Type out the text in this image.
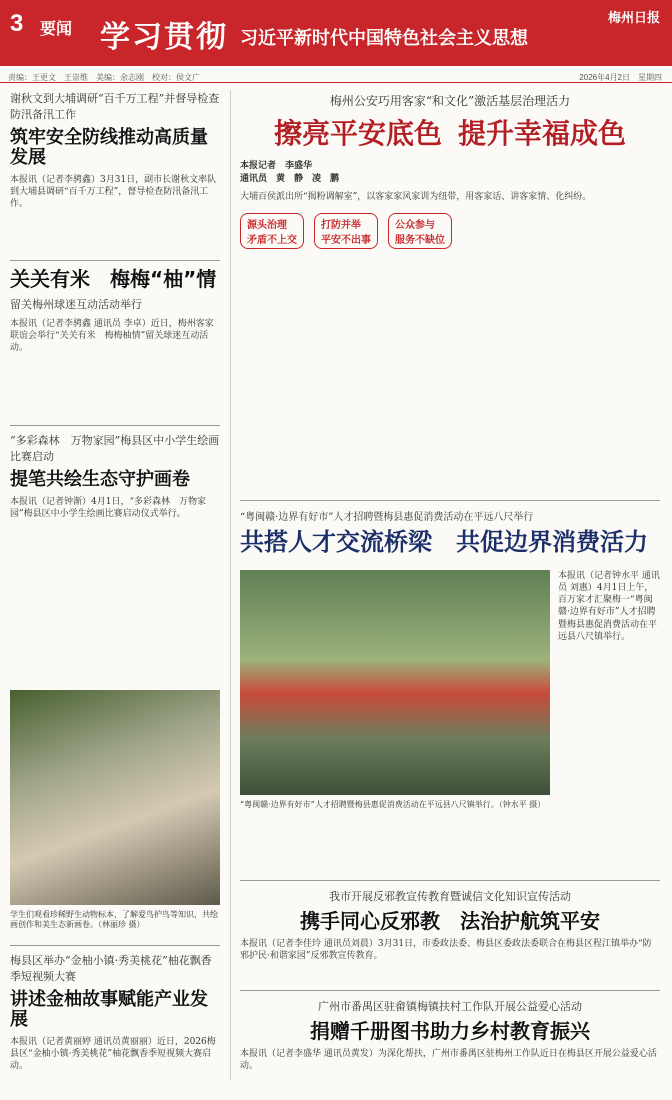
3 要闻 学习贯彻 习近平新时代中国特色社会主义思想
梅州日报
责编：王更文　王崇维　美编：余志刚　校对：侯文广	2026年4月2日　星期四
谢秋文到大埔调研“百千万工程”并督导检查防汛备汛工作
筑牢安全防线推动高质量发展
本报讯（记者李骋鑫）3月31日，副市长谢秋文率队到大埔县调研“百千万工程”，督导检查防汛备汛工作。
关关有米　梅梅“柚”情
留关梅州球迷互动活动举行
本报讯（记者李骋鑫 通讯员 李卓）近日，梅州客家联谊会举行“关关有米　梅梅柚情”留关球迷互动活动。
“多彩森林　万物家园”梅县区中小学生绘画比赛启动
提笔共绘生态守护画卷
本报讯（记者钟渐）4月1日，“多彩森林　万物家园”梅县区中小学生绘画比赛启动仪式举行。
学生们观看珍稀野生动物标本，了解爱鸟护鸟等知识，共绘画创作和美生态新画卷。（林丽珍 摄）
梅县区举办“金柚小镇·秀美桃花”柚花飘香季短视频大赛
讲述金柚故事赋能产业发展
本报讯（记者黄丽婷 通讯员黄丽丽）近日，2026梅县区“金柚小镇·秀美桃花”柚花飘香季短视频大赛启动。
梅州公安巧用客家“和文化”激活基层治理活力
擦亮平安底色 提升幸福成色
本报记者　李盛华
通讯员　黄　静　凌　鹏
大埔百侯派出所“揭粉调解室”，以客家家风家训为纽带，用客家话、讲客家情、化纠纷。
源头治理
矛盾不上交
打防并举
平安不出事
公众参与
服务不缺位
“粤闽赣·边界有好市”人才招聘暨梅县惠促消费活动在平远八尺举行
共搭人才交流桥梁　共促边界消费活力
“粤闽赣·边界有好市”人才招聘暨梅县惠促消费活动在平远县八尺镇举行。（钟水平 摄）
本报讯（记者钟水平 通讯员 刘惠）4月1日上午，百万家才汇聚梅一“粤闽赣·边界有好市”人才招聘暨梅县惠促消费活动在平远县八尺镇举行。
我市开展反邪教宣传教育暨诚信文化知识宣传活动
携手同心反邪教　法治护航筑平安
本报讯（记者李佳玲 通讯员刘晨）3月31日，市委政法委、梅县区委政法委联合在梅县区程江镇举办“防邪护民·和谐家园”反邪教宣传教育。
广州市番禺区驻畲镇梅镇扶村工作队开展公益爱心活动
捐赠千册图书助力乡村教育振兴
本报讯（记者李盛华 通讯员黄发）为深化帮扶，广州市番禺区驻梅州工作队近日在梅县区开展公益爱心活动。
